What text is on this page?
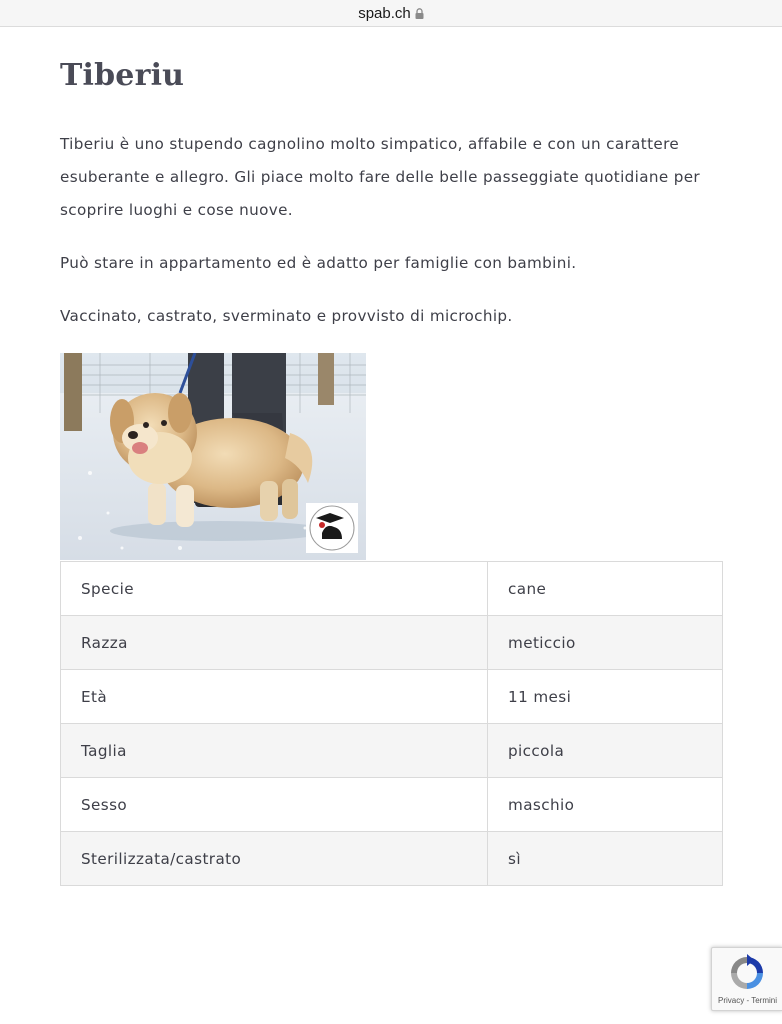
spab.ch
Tiberiu

Tiberiu è uno stupendo cagnolino molto simpatico, affabile e con un carattere esuberante e allegro. Gli piace molto fare delle belle passeggiate quotidiane per scoprire luoghi e cose nuove.

Può stare in appartamento ed è adatto per famiglie con bambini.

Vaccinato, castrato, sverminato e provvisto di microchip.

Specie	cane
Razza	meticcio
Età	11 mesi
Taglia	piccola
Sesso	maschio
Sterilizzata/castrato	sì
Privacy - Termini
